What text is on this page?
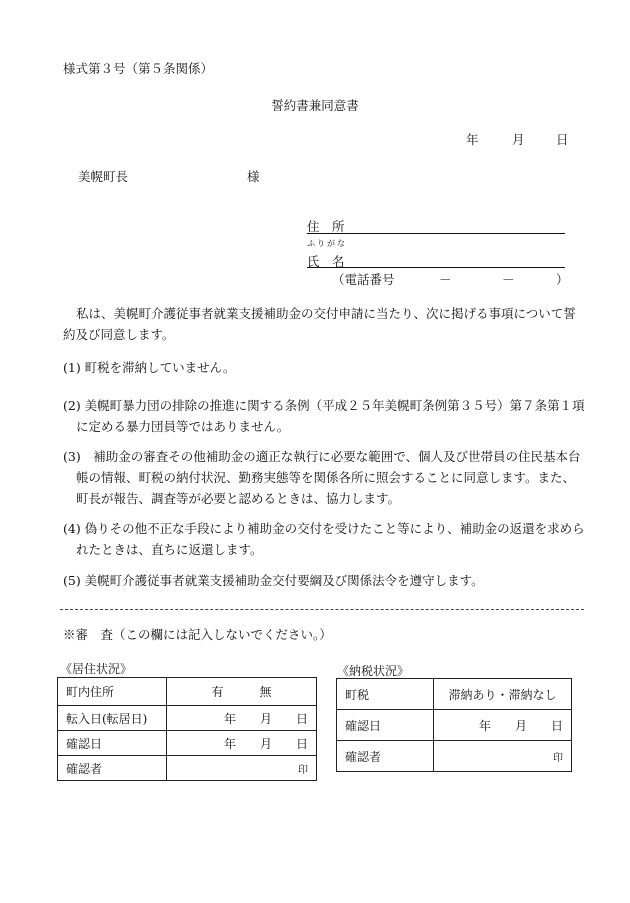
様式第３号（第５条関係）
誓約書兼同意書
年	月	日
美幌町長	様
住　所
ふりがな
氏　名
（電話番号	－	－	）
私は、美幌町介護従事者就業支援補助金の交付申請に当たり、次に掲げる事項について誓約及び同意します。
(1) 町税を滞納していません。
(2) 美幌町暴力団の排除の推進に関する条例（平成２５年美幌町条例第３５号）第７条第１項に定める暴力団員等ではありません。
(3)　補助金の審査その他補助金の適正な執行に必要な範囲で、個人及び世帯員の住民基本台帳の情報、町税の納付状況、勤務実態等を関係各所に照会することに同意します。また、町長が報告、調査等が必要と認めるときは、協力します。
(4) 偽りその他不正な手段により補助金の交付を受けたこと等により、補助金の返還を求められたときは、直ちに返還します。
(5) 美幌町介護従事者就業支援補助金交付要綱及び関係法令を遵守します。
※審　査（この欄には記入しないでください。）
《居住状況》
町内住所	有　　　無
転入日(転居日)	年　　月　　日
確認日	年　　月　　日
確認者	印
《納税状況》
町税	滞納あり・滞納なし
確認日	年　　月　　日
確認者	印
